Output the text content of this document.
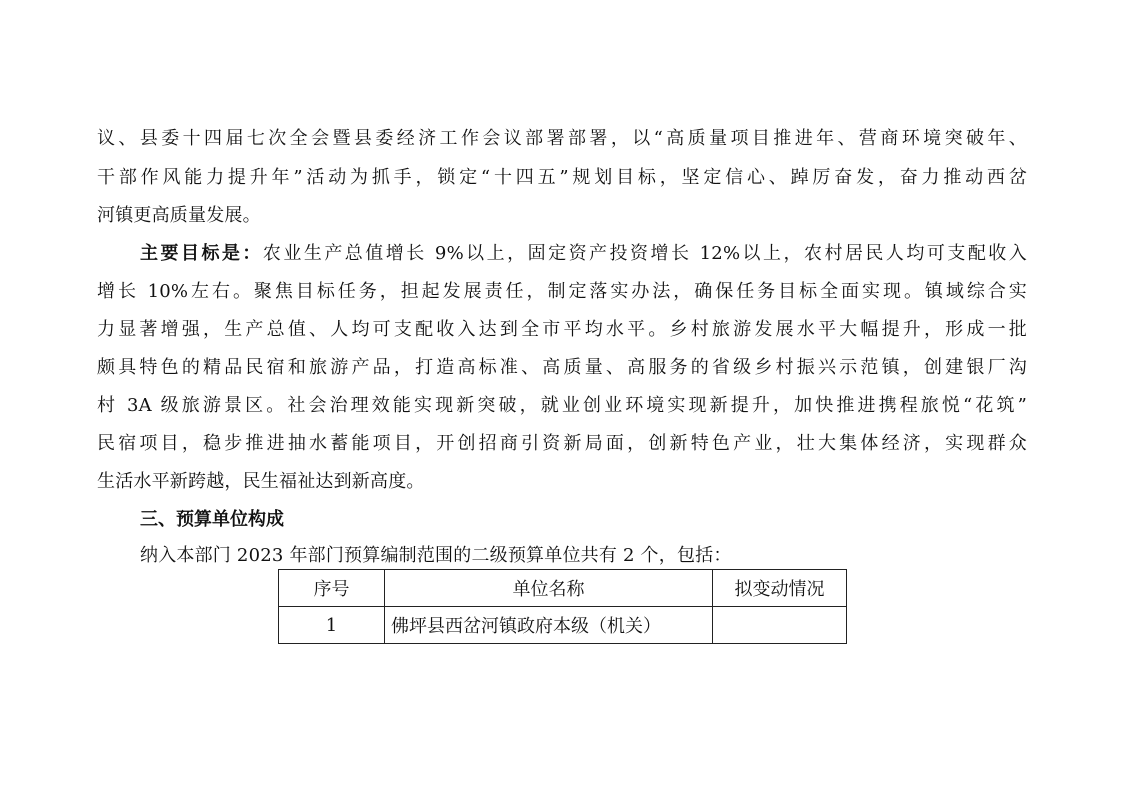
议、县委十四届七次全会暨县委经济工作会议部署部署，以“高质量项目推进年、营商环境突破年、
干部作风能力提升年”活动为抓手，锁定“十四五”规划目标，坚定信心、踔厉奋发，奋力推动西岔
河镇更高质量发展。
主要目标是：农业生产总值增长 9%以上，固定资产投资增长 12%以上，农村居民人均可支配收入
增长 10%左右。聚焦目标任务，担起发展责任，制定落实办法，确保任务目标全面实现。镇域综合实
力显著增强，生产总值、人均可支配收入达到全市平均水平。乡村旅游发展水平大幅提升，形成一批
颇具特色的精品民宿和旅游产品，打造高标准、高质量、高服务的省级乡村振兴示范镇，创建银厂沟
村 3A 级旅游景区。社会治理效能实现新突破，就业创业环境实现新提升，加快推进携程旅悦“花筑”
民宿项目，稳步推进抽水蓄能项目，开创招商引资新局面，创新特色产业，壮大集体经济，实现群众
生活水平新跨越，民生福祉达到新高度。
三、预算单位构成
纳入本部门 2023 年部门预算编制范围的二级预算单位共有 2 个，包括：
序号	单位名称	拟变动情况
1	佛坪县西岔河镇政府本级（机关）	
